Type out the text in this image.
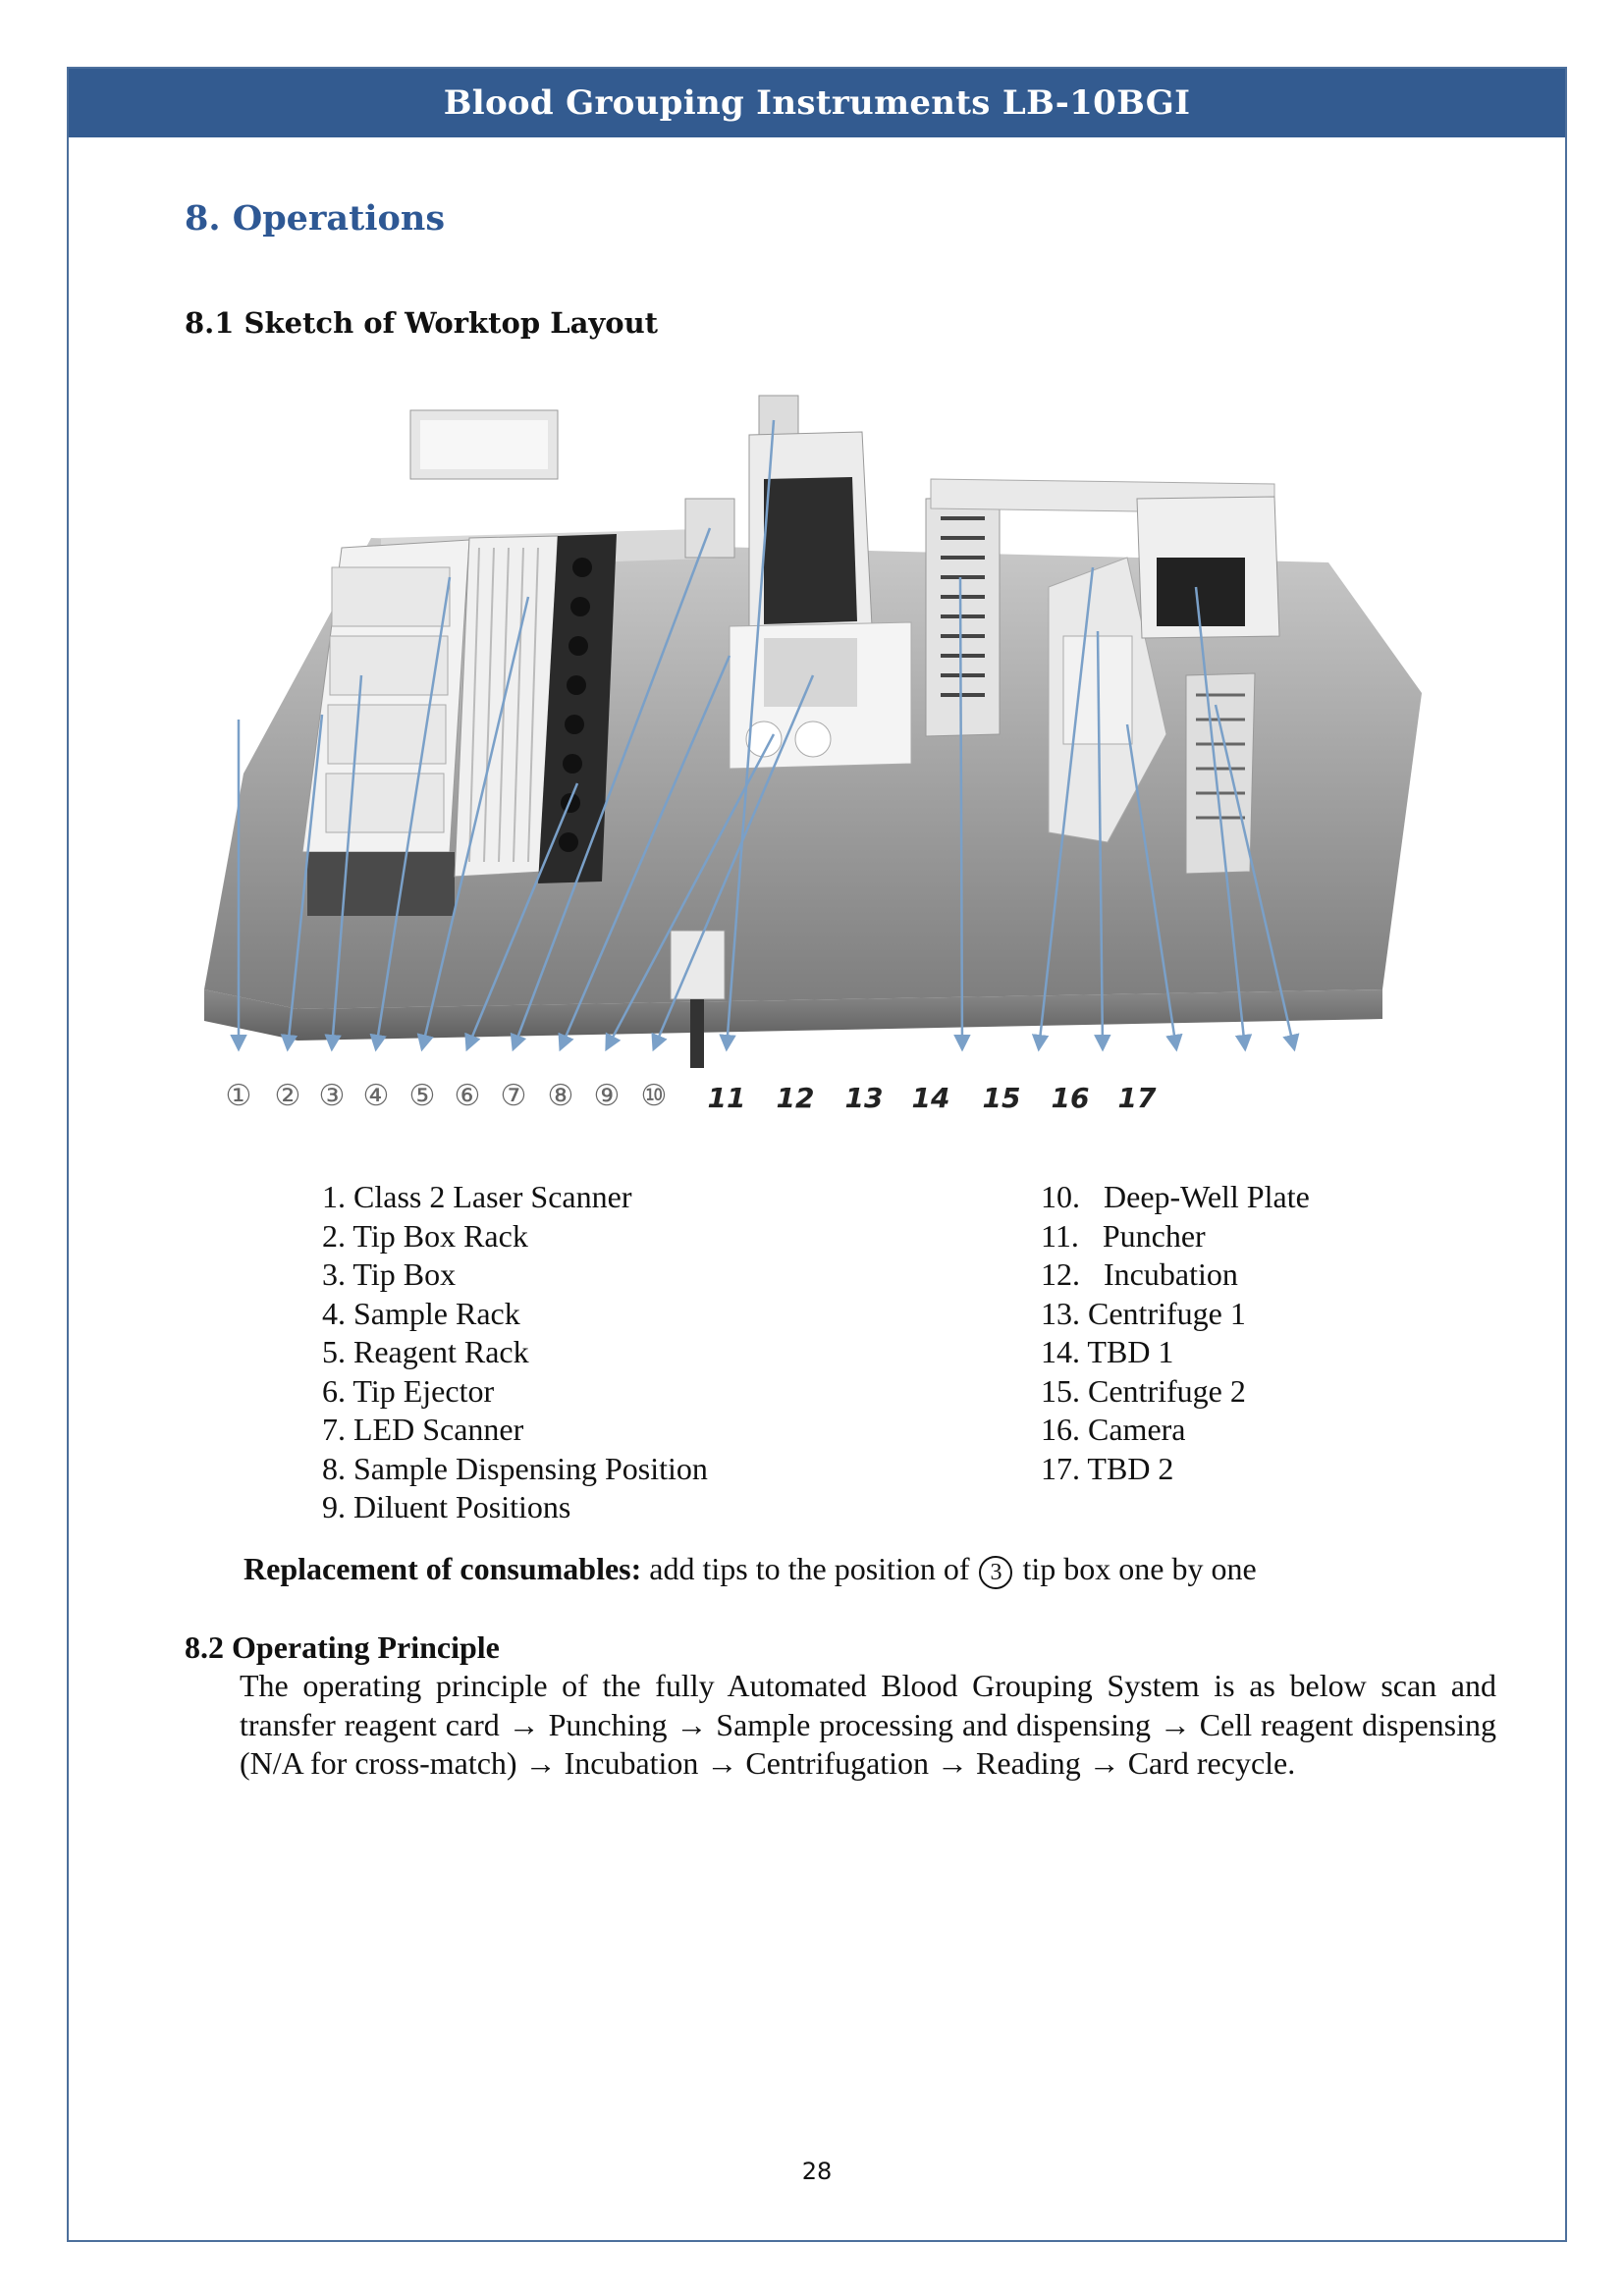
Blood Grouping Instruments LB-10BGI
8. Operations
8.1 Sketch of Worktop Layout
① ② ③ ④ ⑤ ⑥ ⑦ ⑧ ⑨ ⑩ 11 12 13 14 15 16 17
1. Class 2 Laser Scanner
2. Tip Box Rack
3. Tip Box
4. Sample Rack
5. Reagent Rack
6. Tip Ejector
7. LED Scanner
8. Sample Dispensing Position
9. Diluent Positions
10.   Deep-Well Plate
11.   Puncher
12.   Incubation
13. Centrifuge 1
14. TBD 1
15. Centrifuge 2
16. Camera
17. TBD 2
Replacement of consumables: add tips to the position of 3 tip box one by one
8.2 Operating Principle
The operating principle of the fully Automated Blood Grouping System is as below scan and transfer reagent card → Punching → Sample processing and dispensing → Cell reagent dispensing (N/A for cross-match) → Incubation → Centrifugation → Reading → Card recycle.
28
